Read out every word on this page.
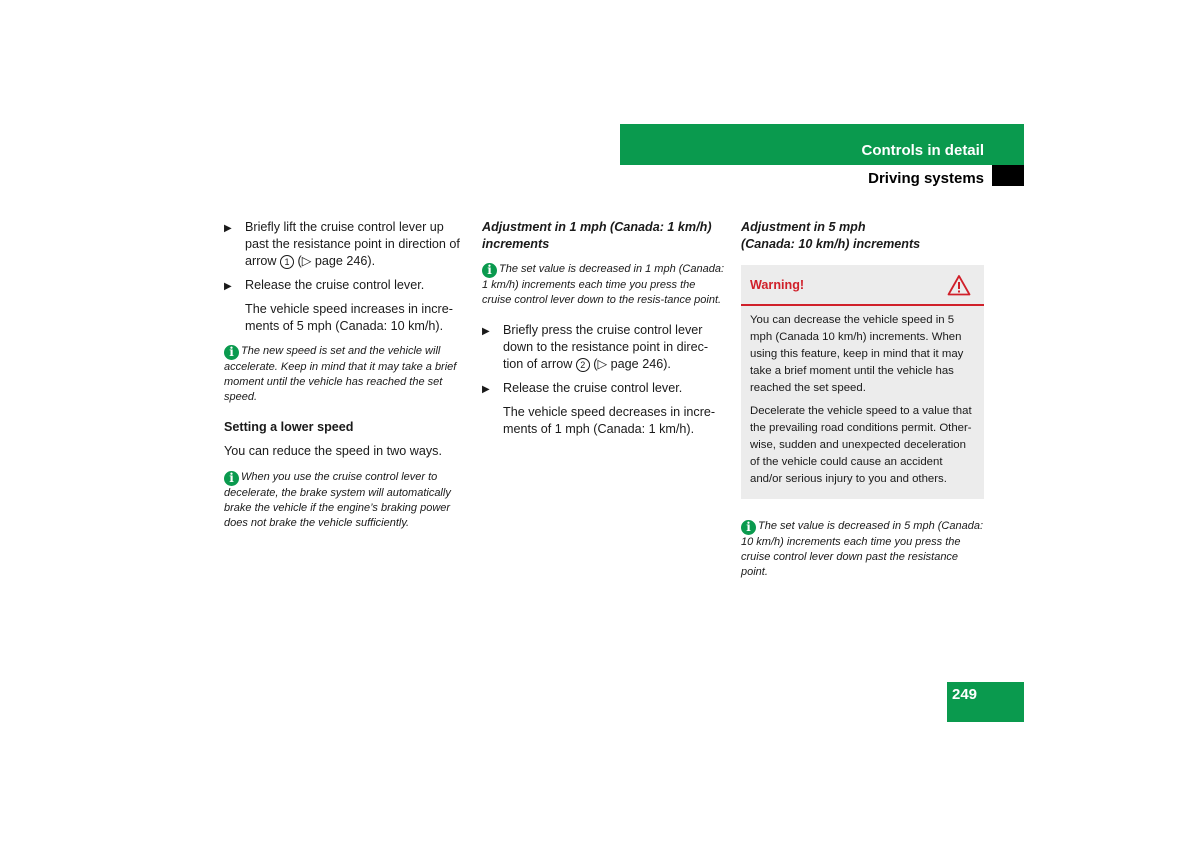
Controls in detail
Driving systems
▶ Briefly lift the cruise control lever up past the resistance point in direction of arrow 1 (▷ page 246).
▶ Release the cruise control lever.
The vehicle speed increases in incre-ments of 5 mph (Canada: 10 km/h).
i The new speed is set and the vehicle will accelerate. Keep in mind that it may take a brief moment until the vehicle has reached the set speed.
Setting a lower speed
You can reduce the speed in two ways.
i When you use the cruise control lever to decelerate, the brake system will automatically brake the vehicle if the engine’s braking power does not brake the vehicle sufficiently.
Adjustment in 1 mph (Canada: 1 km/h) increments
i The set value is decreased in 1 mph (Canada: 1 km/h) increments each time you press the cruise control lever down to the resis-tance point.
▶ Briefly press the cruise control lever down to the resistance point in direc-tion of arrow 2 (▷ page 246).
▶ Release the cruise control lever.
The vehicle speed decreases in incre-ments of 1 mph (Canada: 1 km/h).
Adjustment in 5 mph
(Canada: 10 km/h) increments
Warning!

You can decrease the vehicle speed in 5 mph (Canada 10 km/h) increments. When using this feature, keep in mind that it may take a brief moment until the vehicle has reached the set speed.

Decelerate the vehicle speed to a value that the prevailing road conditions permit. Other-wise, sudden and unexpected deceleration of the vehicle could cause an accident and/or serious injury to you and others.

i The set value is decreased in 5 mph (Canada: 10 km/h) increments each time you press the cruise control lever down past the resistance point.
249
